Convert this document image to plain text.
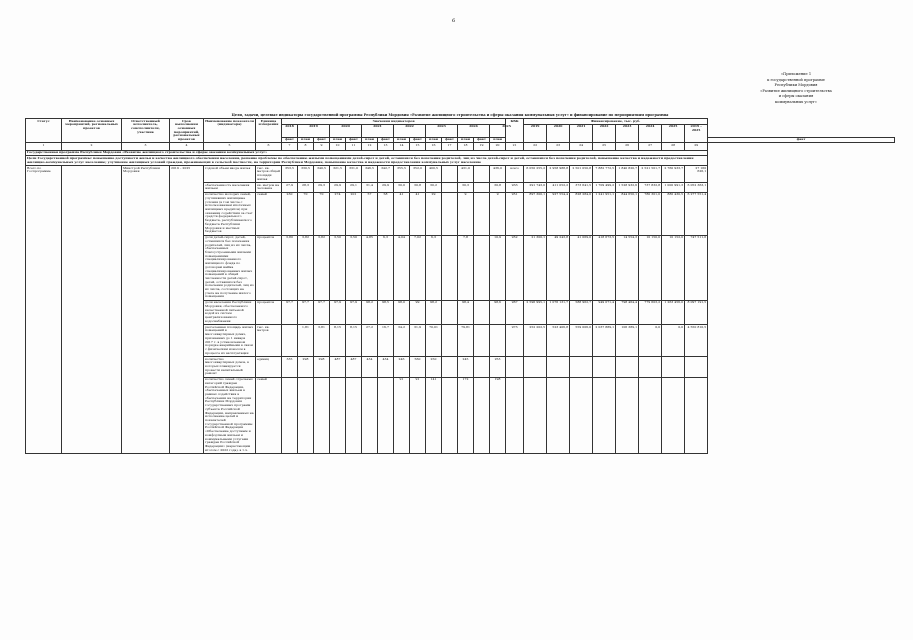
6
«Приложение 1
к государственной программе
Республики Мордовия
«Развитие жилищного строительства
и сферы оказания
коммунальных услуг»
Цели, задачи, целевые индикаторы государственной программы Республики Мордовия «Развитие жилищного строительства и сферы оказания коммунальных услуг» и финансирование по мероприятиям программы
Статус	Наименование основных мероприятий, региональных проектов	Ответственный исполнитель, соисполнители, участник	Срок выполнения основных мероприятий, региональных проектов	Наименование показателя (индикатора)	Единица измерения	Значения индикаторов														КБК	Финансирование, тыс. руб.								
						2018	2019		2020		2021		2022		2023		2024		2025		2019	2020	2021	2022	2023	2024	2025	2019 – 2025	
						факт	план	факт	план	факт	план	факт	план	факт	план	факт	план	факт	план										факт
1	2	3	4	5	6	7	8	9	10	11	12	13	14	15	16	17	18	19	20	21	22	23	24	25	26	27	28	29	
Государственная программа Республики Мордовия «Развитие жилищного строительства и сферы оказания коммунальных услуг»																													
Цели Государственной программы: повышение доступности жилья и качества жилищного обеспечения населения, решение проблемы по обеспечению жилыми помещениями детей-сирот и детей, оставшихся без попечения родителей, лиц из числа детей-сирот и детей, оставшихся без попечения родителей, повышение качества и надежности предоставления жилищно-коммунальных услуг населению; улучшение жилищных условий граждан, проживающих в сельской местности, на территории Республики Мордовия, повышение качества и надежности предоставления коммунальных услуг населению																													
Всего по Госпрограмме		Минстрой Республики Мордовия	2019 – 2025	годовой объем ввода жилья	тыс. кв. метров общей площади жилья	353,5	330,5	340,5	321,5	331,0	346,5	342,7	355,5	352,0	400,5		431,0		436,0	всего	6 050 255,2	2 958 988,8	2 501 050,8	7 882 772,5	1 840 820,7	2 521 501,7	2 760 933,7	27 160 626,1	
				обеспеченность населения жильем	кв. метров на человека	27,9	28,3	29,3	29,9	29,1	31,4	29,9	30,0	30,8	30,2		30,3		30,8	933	291 743,0	411 052,2	373 641,5	1 709 499,2	1 528 932,6	737 832,8	1 000 991,3	6 052 363,1	
				количество молодых семей, улучшивших жилищные условия (в том числе с использованием ипотечных жилищных кредитов) при оказании содействия за счет средств федерального бюджета, республиканского бюджета Республики Мордовия и местных бюджетов	семей	230	70	70	274	201	57	58	41	41	29		9		9	951	897 300,1	927 554,4	828 284,0	1 241 951,1	844 650,1	780 301,0	880 430,5	6 277 551,4	
				доля детей-сирот, детей, оставшихся без попечения родителей, лиц из их числа, обеспеченных благоустроенными жилыми помещениями специализированного жилищного фонда по договорам найма специализированных жилых помещений в общей численности детей-сирот, детей, оставшихся без попечения родителей, лиц из их числа, состоящих на учете на получение жилого помещения	процентов	3,80	3,82	3,82	3,50	3,50	4,85	6,3	4,04	7,02	6,3		7,8		10,9	952	21 300,1	49 243,8	41 069,0	418 673,5	14 554,3	10 150,0	10 152,0	747 511,6	
				доля населения Республики Мордовия, обеспеченного качественной питьевой водой из систем централизованного водоснабжения	процентов	97,7	97,7	97,7	97,9	97,9	98,2	98,5	98,0	99	98,2		98,4		98,6	967	2 596 995,1	1 076 131,7	588 962,7	949 071,4	798 464,4	779 603,2	1 263 456,0	8 097 191,5	
				расселенная площадь жилых помещений в многоквартирных домах, признанных до 1 января 2017 г. в установленном порядке аварийными в связи с физическим износом в процессе их эксплуатации	тыс. кв. метров		1,81	3,81	8,15	8,15	27,2	16,7	34,2	31,9	70,01		79,81			973	252 202,5	523 406,8	559 006,0	2 037 889,1	106 389,1	0,0	0,0	4 550 810,5	
				количество многоквартирных домов, в которых планируется провести капитальный ремонт	единиц	335	298	298	487	487	434	434	246	560	250		245		253										
				количество семей отдельных категорий граждан Российской Федерации, обеспеченных жильем в рамках содействия в обеспечении на территории Республики Мордовия государственных программ субъекта Российской Федерации, направленных на исполнение целей и показателей государственной программы Российской Федерации «Обеспечение доступным и комфортным жильем и коммунальными услугами граждан Российской Федерации» (нарастающим итогом с 2022 года), в т.ч.	семей								91	91	141		172		198										
